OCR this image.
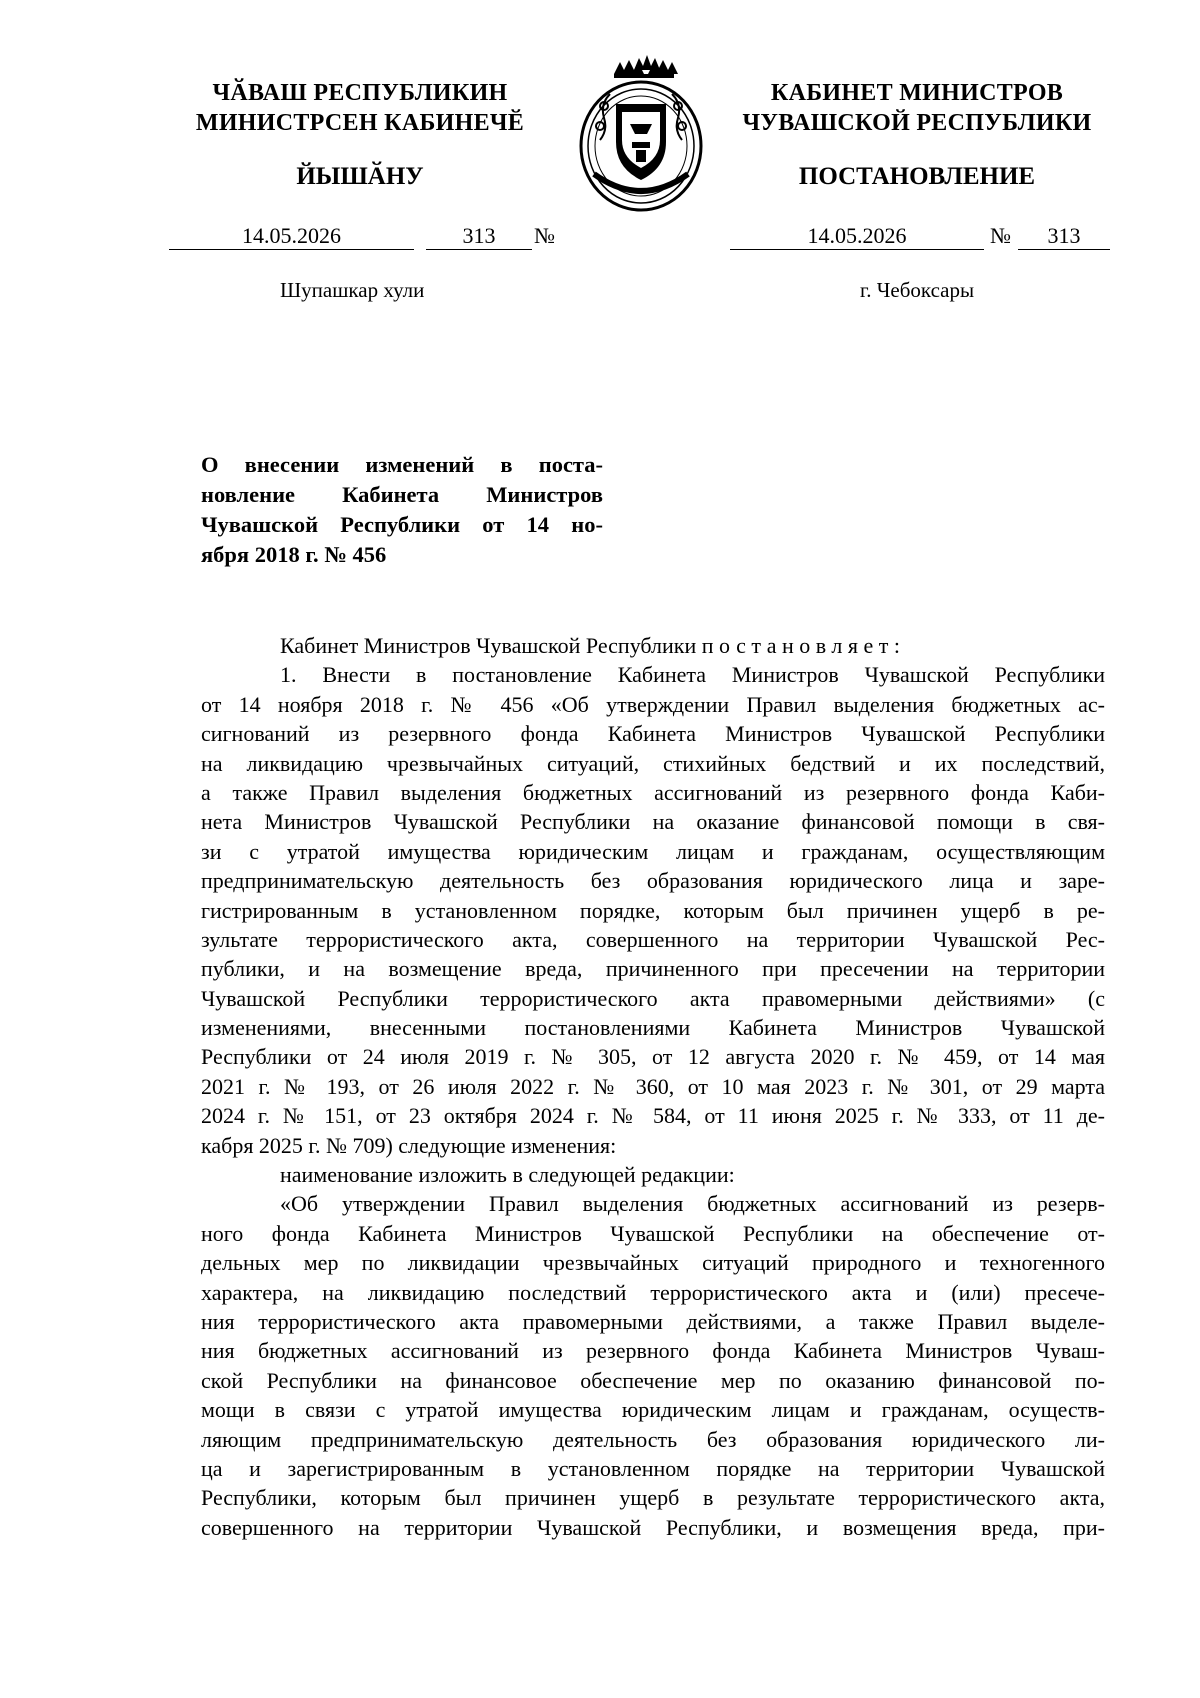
ЧӐВАШ РЕСПУБЛИКИН
МИНИСТРСЕН КАБИНЕЧӖ
ЙЫШӐНУ
КАБИНЕТ МИНИСТРОВ
ЧУВАШСКОЙ РЕСПУБЛИКИ
ПОСТАНОВЛЕНИЕ
14.05.2026	313	№	14.05.2026	№	313
Шупашкар хули	г. Чебоксары
О внесении изменений в поста-
новление Кабинета Министров
Чувашской Республики от 14 но-
ября 2018 г. № 456
Кабинет Министров Чувашской Республики постановляет:
1. Внести в постановление Кабинета Министров Чувашской Республики
от 14 ноября 2018 г. № 456 «Об утверждении Правил выделения бюджетных ас-
сигнований из резервного фонда Кабинета Министров Чувашской Республики
на ликвидацию чрезвычайных ситуаций, стихийных бедствий и их последствий,
а также Правил выделения бюджетных ассигнований из резервного фонда Каби-
нета Министров Чувашской Республики на оказание финансовой помощи в свя-
зи с утратой имущества юридическим лицам и гражданам, осуществляющим
предпринимательскую деятельность без образования юридического лица и заре-
гистрированным в установленном порядке, которым был причинен ущерб в ре-
зультате террористического акта, совершенного на территории Чувашской Рес-
публики, и на возмещение вреда, причиненного при пресечении на территории
Чувашской Республики террористического акта правомерными действиями» (с
изменениями, внесенными постановлениями Кабинета Министров Чувашской
Республики от 24 июля 2019 г. № 305, от 12 августа 2020 г. № 459, от 14 мая
2021 г. № 193, от 26 июля 2022 г. № 360, от 10 мая 2023 г. № 301, от 29 марта
2024 г. № 151, от 23 октября 2024 г. № 584, от 11 июня 2025 г. № 333, от 11 де-
кабря 2025 г. № 709) следующие изменения:
наименование изложить в следующей редакции:
«Об утверждении Правил выделения бюджетных ассигнований из резерв-
ного фонда Кабинета Министров Чувашской Республики на обеспечение от-
дельных мер по ликвидации чрезвычайных ситуаций природного и техногенного
характера, на ликвидацию последствий террористического акта и (или) пресече-
ния террористического акта правомерными действиями, а также Правил выделе-
ния бюджетных ассигнований из резервного фонда Кабинета Министров Чуваш-
ской Республики на финансовое обеспечение мер по оказанию финансовой по-
мощи в связи с утратой имущества юридическим лицам и гражданам, осуществ-
ляющим предпринимательскую деятельность без образования юридического ли-
ца и зарегистрированным в установленном порядке на территории Чувашской
Республики, которым был причинен ущерб в результате террористического акта,
совершенного на территории Чувашской Республики, и возмещения вреда, при-
